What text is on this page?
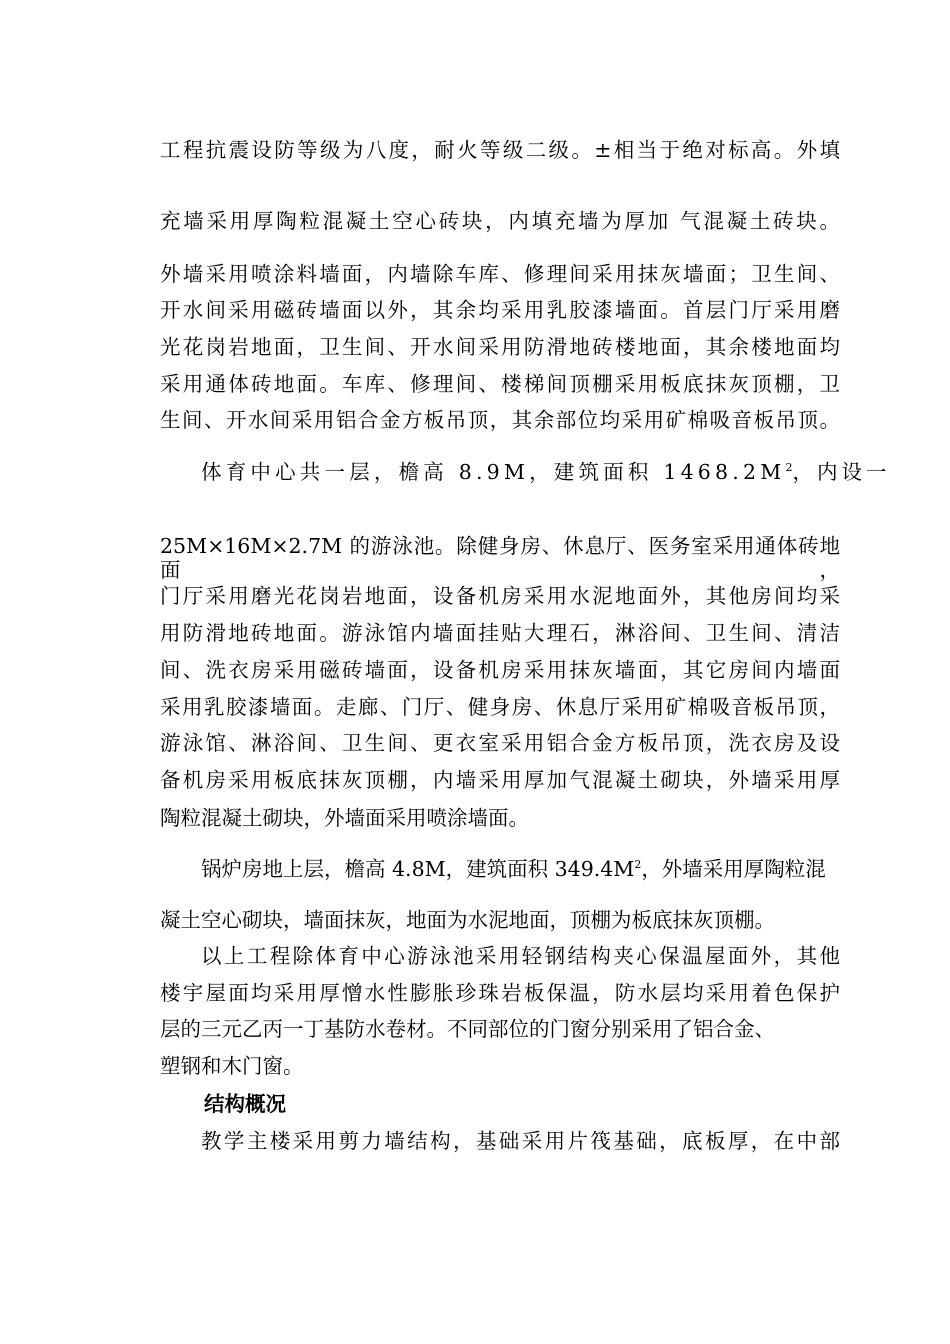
工程抗震设防等级为八度，耐火等级二级。±相当于绝对标高。外填
充墙采用厚陶粒混凝土空心砖块，内填充墙为厚加 气混凝土砖块。
外墙采用喷涂料墙面，内墙除车库、修理间采用抹灰墙面；卫生间、
开水间采用磁砖墙面以外，其余均采用乳胶漆墙面。首层门厅采用磨
光花岗岩地面，卫生间、开水间采用防滑地砖楼地面，其余楼地面均
采用通体砖地面。车库、修理间、楼梯间顶棚采用板底抹灰顶棚，卫
生间、开水间采用铝合金方板吊顶，其余部位均采用矿棉吸音板吊顶。
体育中心共一层，檐高 8.9M，建筑面积 $1468.2M^2$，内设一
25M×16M×2.7M 的游泳池。除健身房、休息厅、医务室采用通体砖地面，
门厅采用磨光花岗岩地面，设备机房采用水泥地面外，其他房间均采
用防滑地砖地面。游泳馆内墙面挂贴大理石，淋浴间、卫生间、清洁
间、洗衣房采用磁砖墙面，设备机房采用抹灰墙面，其它房间内墙面
采用乳胶漆墙面。走廊、门厅、健身房、休息厅采用矿棉吸音板吊顶，
游泳馆、淋浴间、卫生间、更衣室采用铝合金方板吊顶，洗衣房及设
备机房采用板底抹灰顶棚，内墙采用厚加气混凝土砌块，外墙采用厚
陶粒混凝土砌块，外墙面采用喷涂墙面。
锅炉房地上层，檐高 4.8M，建筑面积 $349.4M^2$，外墙采用厚陶粒混
凝土空心砌块，墙面抹灰，地面为水泥地面，顶棚为板底抹灰顶棚。
以上工程除体育中心游泳池采用轻钢结构夹心保温屋面外，其他
楼宇屋面均采用厚憎水性膨胀珍珠岩板保温，防水层均采用着色保护
层的三元乙丙一丁基防水卷材。不同部位的门窗分别采用了铝合金、
塑钢和木门窗。
结构概况
教学主楼采用剪力墙结构，基础采用片筏基础，底板厚，在中部
